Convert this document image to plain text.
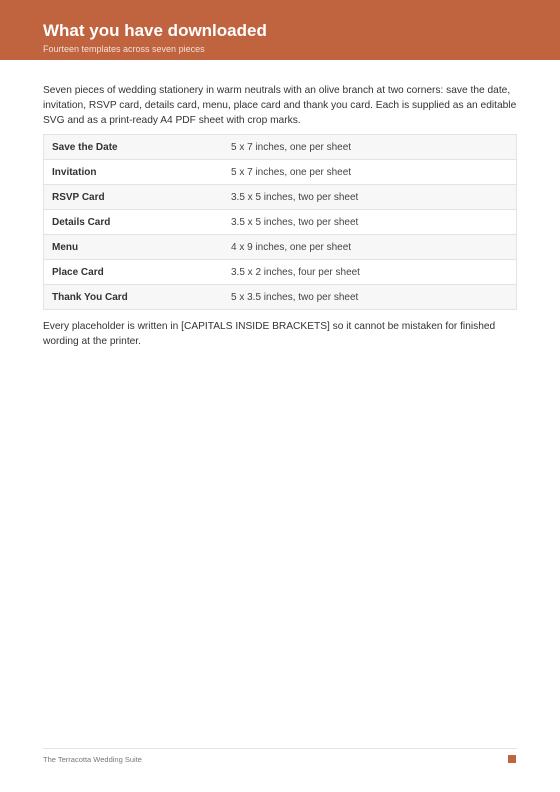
What you have downloaded
Fourteen templates across seven pieces

Seven pieces of wedding stationery in warm neutrals with an olive branch at two corners: save the date, invitation, RSVP card, details card, menu, place card and thank you card. Each is supplied as an editable SVG and as a print-ready A4 PDF sheet with crop marks.

Save the Date	5 x 7 inches, one per sheet
Invitation	5 x 7 inches, one per sheet
RSVP Card	3.5 x 5 inches, two per sheet
Details Card	3.5 x 5 inches, two per sheet
Menu	4 x 9 inches, one per sheet
Place Card	3.5 x 2 inches, four per sheet
Thank You Card	5 x 3.5 inches, two per sheet

Every placeholder is written in [CAPITALS INSIDE BRACKETS] so it cannot be mistaken for finished wording at the printer.

The Terracotta Wedding Suite
